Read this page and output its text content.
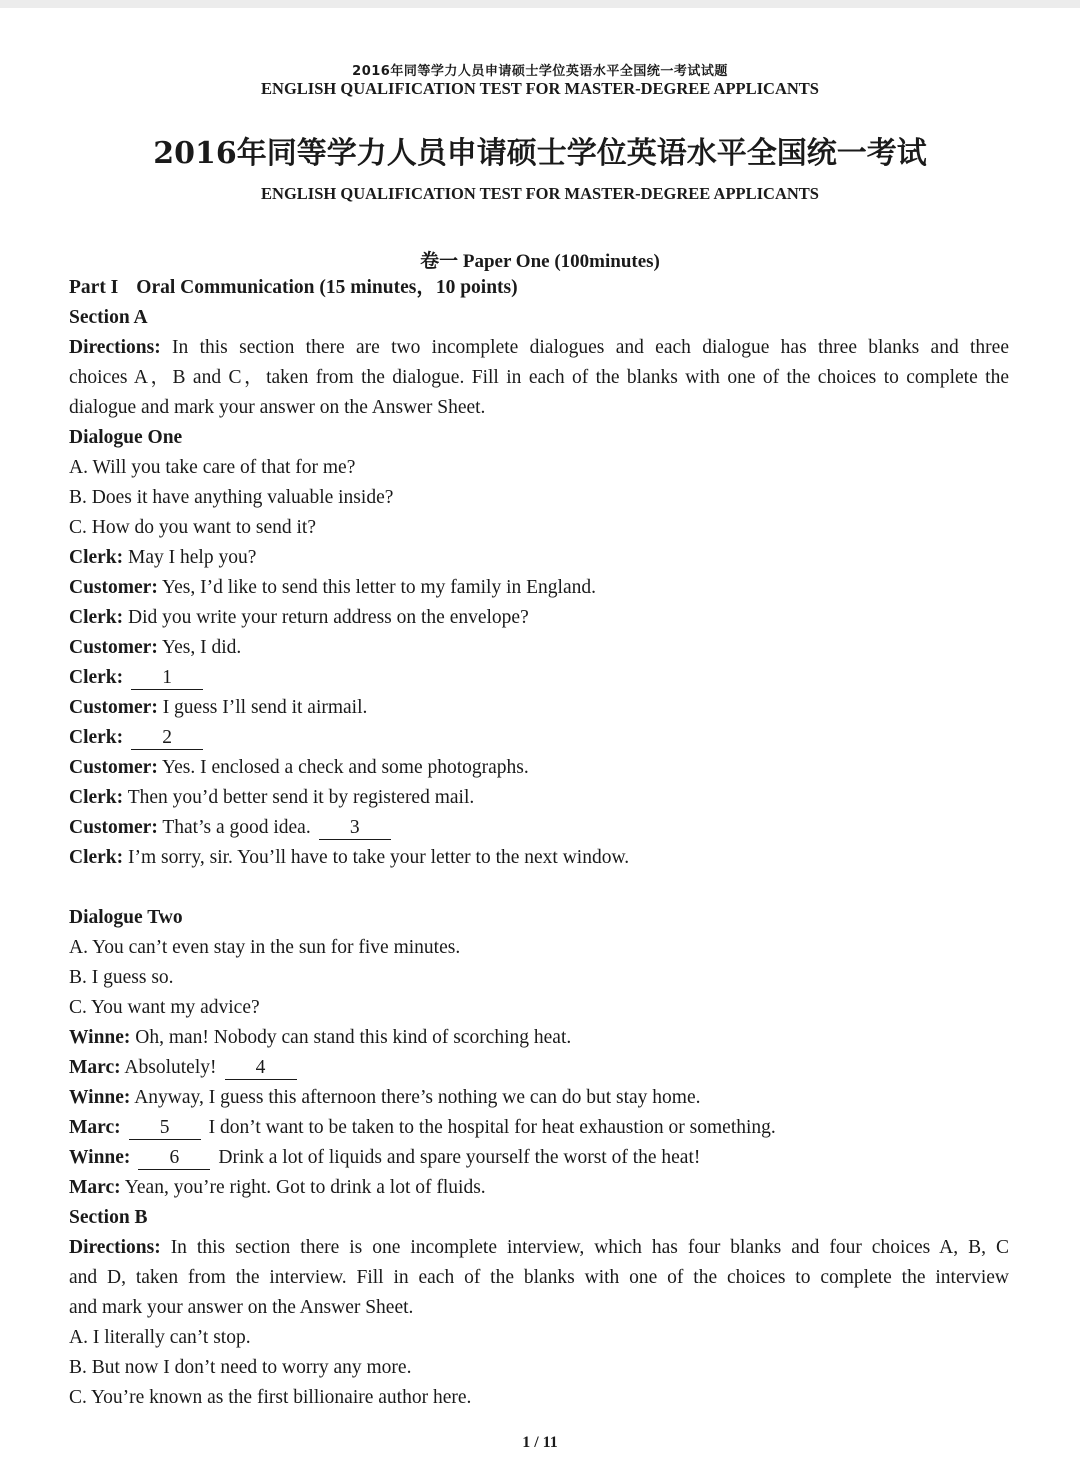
2016年同等学力人员申请硕士学位英语水平全国统一考试试题
ENGLISH QUALIFICATION TEST FOR MASTER-DEGREE APPLICANTS
2016年同等学力人员申请硕士学位英语水平全国统一考试
ENGLISH QUALIFICATION TEST FOR MASTER-DEGREE APPLICANTS
卷一 Paper One (100minutes)
Part I Oral Communication (15 minutes，10 points)
Section A
Directions: In this section there are two incomplete dialogues and each dialogue has three blanks and three
choices A，B and C，taken from the dialogue. Fill in each of the blanks with one of the choices to complete the
dialogue and mark your answer on the Answer Sheet.
Dialogue One
A. Will you take care of that for me?
B. Does it have anything valuable inside?
C. How do you want to send it?
Clerk: May I help you?
Customer: Yes, I’d like to send this letter to my family in England.
Clerk: Did you write your return address on the envelope?
Customer: Yes, I did.
Clerk: 1
Customer: I guess I’ll send it airmail.
Clerk: 2
Customer: Yes. I enclosed a check and some photographs.
Clerk: Then you’d better send it by registered mail.
Customer: That’s a good idea. 3
Clerk: I’m sorry, sir. You’ll have to take your letter to the next window.
Dialogue Two
A. You can’t even stay in the sun for five minutes.
B. I guess so.
C. You want my advice?
Winne: Oh, man! Nobody can stand this kind of scorching heat.
Marc: Absolutely! 4
Winne: Anyway, I guess this afternoon there’s nothing we can do but stay home.
Marc: 5 I don’t want to be taken to the hospital for heat exhaustion or something.
Winne: 6 Drink a lot of liquids and spare yourself the worst of the heat!
Marc: Yean, you’re right. Got to drink a lot of fluids.
Section B
Directions: In this section there is one incomplete interview, which has four blanks and four choices A, B, C
and D, taken from the interview. Fill in each of the blanks with one of the choices to complete the interview
and mark your answer on the Answer Sheet.
A. I literally can’t stop.
B. But now I don’t need to worry any more.
C. You’re known as the first billionaire author here.
1 / 11
